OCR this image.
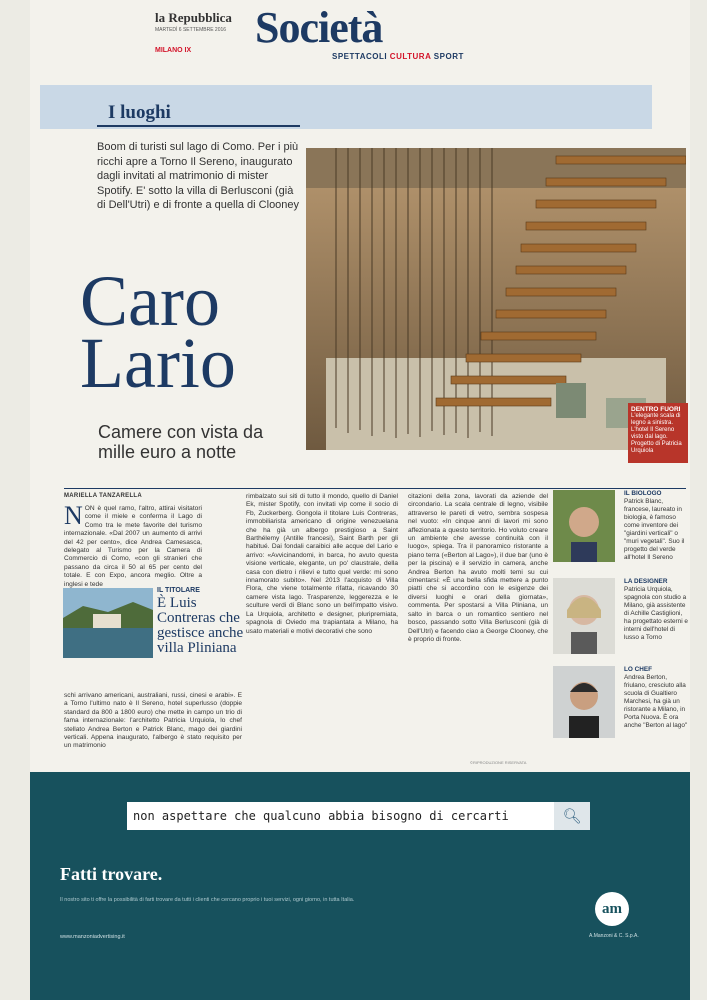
la Repubblica
MARTEDÌ 6 SETTEMBRE 2016
MILANO IX	Società
SPETTACOLI CULTURA SPORT
I luoghi
Boom di turisti sul lago di Como. Per i più ricchi apre a Torno Il Sereno, inaugurato dagli invitati al matrimonio di mister Spotify. E' sotto la villa di Berlusconi (già di Dell'Utri) e di fronte a quella di Clooney
Caro
Lario
Camere con vista da mille euro a notte
DENTRO FUORI
L'elegante scala di legno a sinistra. L'hotel Il Sereno visto dal lago. Progetto di Patricia Urquiola
MARIELLA TANZARELLA
NON è quel ramo, l'altro, attirai visitatori come il miele e conferma il Lago di Como tra le mete favorite del turismo internazionale. «Dal 2007 un aumento di arrivi del 42 per cento», dice Andrea Camesasca, delegato al Turismo per la Camera di Commercio di Como, «con gli stranieri che passano da circa il 50 al 65 per cento del totale. E con Expo, ancora meglio. Oltre a inglesi e tede
IL TITOLARE
È Luis Contreras che gestisce anche villa Pliniana
schi arrivano americani, australiani, russi, cinesi e arabi». E a Torno l'ultimo nato è Il Sereno, hotel superlusso (doppie standard da 800 a 1800 euro) che mette in campo un trio di fama internazionale: l'architetto Patricia Urquiola, lo chef stellato Andrea Berton e Patrick Blanc, mago dei giardini verticali. Appena inaugurato, l'albergo è stato requisito per un matrimonio
rimbalzato sui siti di tutto il mondo, quello di Daniel Ek, mister Spotify, con invitati vip come il socio di Fb, Zuckerberg. Gongola il titolare Luis Contreras, immobiliarista americano di origine venezuelana che ha già un albergo prestigioso a Saint Barthélemy (Antille francesi), Saint Barth per gli habitué. Dai fondali caraibici alle acque del Lario e arrivo: «Avvicinandomi, in barca, ho avuto questa visione verticale, elegante, un po' claustrale, della casa con dietro i rilievi e tutto quel verde: mi sono innamorato subito». Nel 2013 l'acquisto di Villa Flora, che viene totalmente rifatta, ricavando 30 camere vista lago. Trasparenze, leggerezza e le sculture verdi di Blanc sono un bell'impatto visivo. La Urquiola, architetto e designer, pluripremiata, spagnola di Oviedo ma trapiantata a Milano, ha usato materiali e motivi decorativi che sono
citazioni della zona, lavorati da aziende del circondario. La scala centrale di legno, visibile attraverso le pareti di vetro, sembra sospesa nel vuoto: «In cinque anni di lavori mi sono affezionata a questo territorio. Ho voluto creare un ambiente che avesse continuità con il luogo», spiega. Tra il panoramico ristorante a piano terra («Berton al Lago»), il due bar (uno è per la piscina) e il servizio in camera, anche Andrea Berton ha avuto molti temi su cui cimentarsi: «È una bella sfida mettere a punto piatti che si accordino con le esigenze dei diversi luoghi e orari della giornata», commenta. Per spostarsi a Villa Pliniana, un salto in barca o un romantico sentiero nel bosco, passando sotto Villa Berlusconi (già di Dell'Utri) e facendo ciao a George Clooney, che è proprio di fronte.
IL BIOLOGO
Patrick Blanc, francese, laureato in biologia, è famoso come inventore dei "giardini verticali" o "muri vegetali". Suo il progetto del verde all'hotel Il Sereno
LA DESIGNER
Patricia Urquiola, spagnola con studio a Milano, già assistente di Achille Castiglioni, ha progettato esterni e interni dell'hotel di lusso a Torno
LO CHEF
Andrea Berton, friulano, cresciuto alla scuola di Gualtiero Marchesi, ha già un ristorante a Milano, in Porta Nuova. È ora anche "Berton al lago"
©RIPRODUZIONE RISERVATA
non aspettare che qualcuno abbia bisogno di cercarti
🔍︎
Fatti trovare.
Il nostro sito ti offre la possibilità di farti trovare da tutti i clienti che cercano proprio i tuoi servizi, ogni giorno, in tutta Italia.
www.manzoniadvertising.it
am
A.Manzoni & C. S.p.A.
